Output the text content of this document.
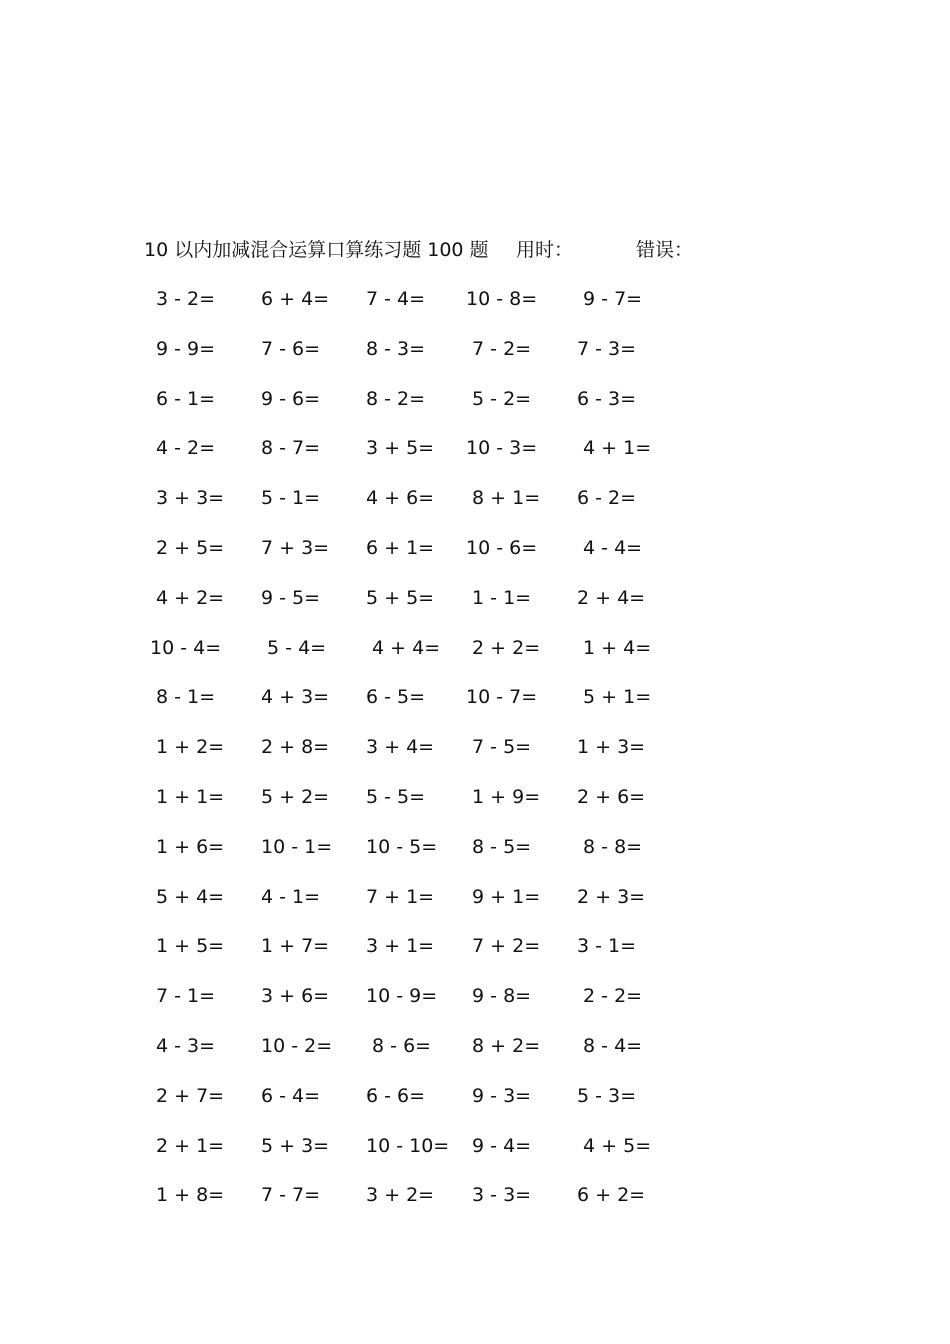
10 以内加减混合运算口算练习题 100 题 用时：	错误：
3 - 2=	6 + 4=	7 - 4=	10 - 8=	9 - 7=
9 - 9=	7 - 6=	8 - 3=	7 - 2=	7 - 3=
6 - 1=	9 - 6=	8 - 2=	5 - 2=	6 - 3=
4 - 2=	8 - 7=	3 + 5=	10 - 3=	4 + 1=
3 + 3=	5 - 1=	4 + 6=	8 + 1=	6 - 2=
2 + 5=	7 + 3=	6 + 1=	10 - 6=	4 - 4=
4 + 2=	9 - 5=	5 + 5=	1 - 1=	2 + 4=
10 - 4=	5 - 4=	4 + 4=	2 + 2=	1 + 4=
8 - 1=	4 + 3=	6 - 5=	10 - 7=	5 + 1=
1 + 2=	2 + 8=	3 + 4=	7 - 5=	1 + 3=
1 + 1=	5 + 2=	5 - 5=	1 + 9=	2 + 6=
1 + 6=	10 - 1=	10 - 5=	8 - 5=	8 - 8=
5 + 4=	4 - 1=	7 + 1=	9 + 1=	2 + 3=
1 + 5=	1 + 7=	3 + 1=	7 + 2=	3 - 1=
7 - 1=	3 + 6=	10 - 9=	9 - 8=	2 - 2=
4 - 3=	10 - 2=	8 - 6=	8 + 2=	8 - 4=
2 + 7=	6 - 4=	6 - 6=	9 - 3=	5 - 3=
2 + 1=	5 + 3=	10 - 10= 9 - 4=	4 + 5=
1 + 8=	7 - 7=	3 + 2=	3 - 3=	6 + 2=
